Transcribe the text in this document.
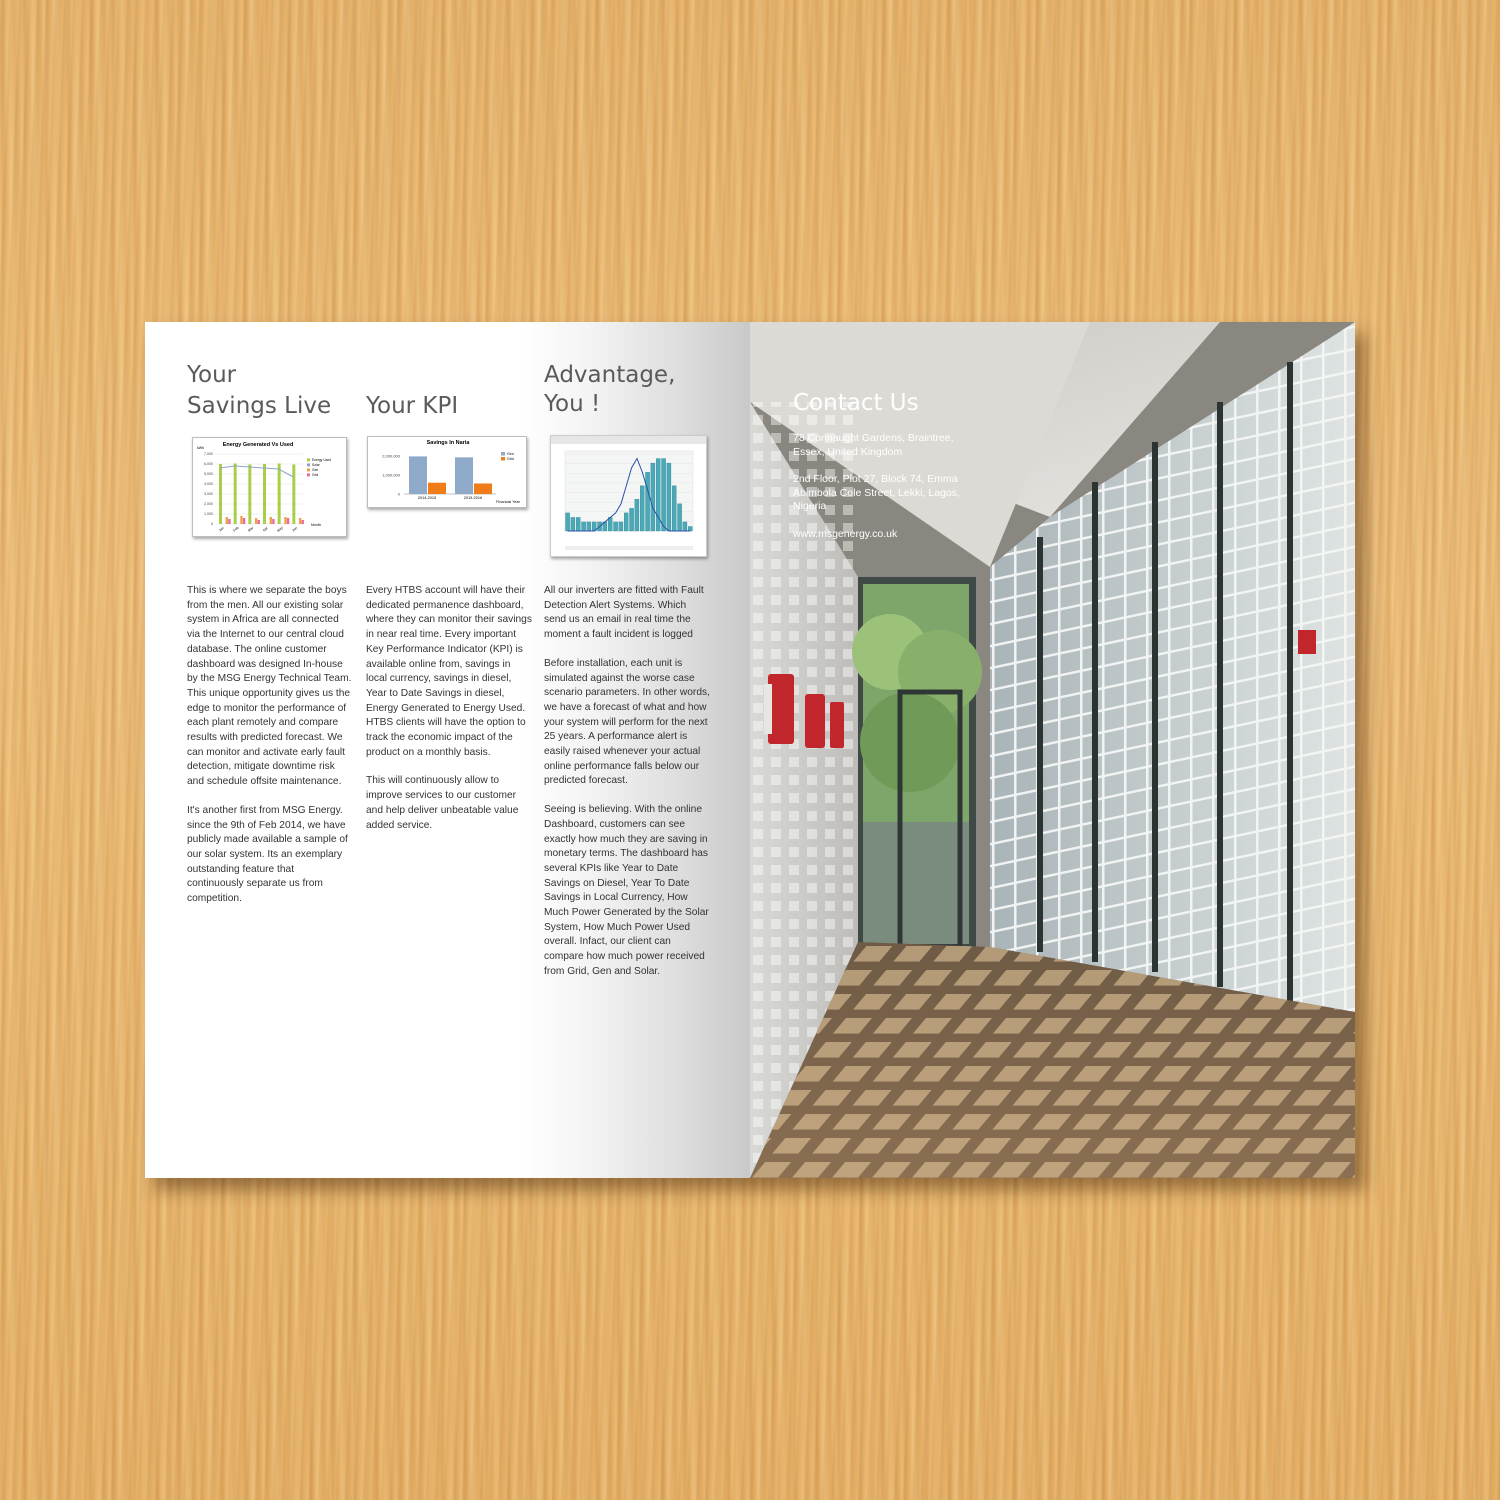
Your
Savings Live
Energy Generated Vs Used
kWh
0
1,000
2,000
3,000
4,000
5,000
6,000
7,000
Jan Feb Mar Apr May Jun
Month
Energy Used
Solar
Gen
Grid

This is where we separate the boys from the men. All our existing solar system in Africa are all connected via the Internet to our central cloud database. The online customer dashboard was designed In-house by the MSG Energy Technical Team. This unique opportunity gives us the edge to monitor the performance of each plant remotely and compare results with predicted forecast. We can monitor and activate early fault detection, mitigate downtime risk and schedule offsite maintenance.

It's another first from MSG Energy. since the 9th of Feb 2014, we have publicly made available a sample of our solar system. Its an exemplary outstanding feature that continuously separate us from competition.

Your KPI
Savings In Naria
0
1,000,000
2,000,000
2014-2015	2015-2016
Financial Year
Gen
Grid

Every HTBS account will have their dedicated permanence dashboard, where they can monitor their savings in near real time. Every important Key Performance Indicator (KPI) is available online from, savings in local currency, savings in diesel, Year to Date Savings in diesel, Energy Generated to Energy Used. HTBS clients will have the option to track the economic impact of the product on a monthly basis.

This will continuously allow to improve services to our customer and help deliver unbeatable value added service.

Advantage,
You !

All our inverters are fitted with Fault Detection Alert Systems. Which send us an email in real time the moment a fault incident is logged

Before installation, each unit is simulated against the worse case scenario parameters. In other words, we have a forecast of what and how your system will perform for the next 25 years. A performance alert is easily raised whenever your actual online performance falls below our predicted forecast.

Seeing is believing. With the online Dashboard, customers can see exactly how much they are saving in monetary terms. The dashboard has several KPIs like Year to Date Savings on Diesel, Year To Date Savings in Local Currency, How Much Power Generated by the Solar System, How Much Power Used overall. Infact, our client can compare how much power received from Grid, Gen and Solar.

Contact Us

78 Connaught Gardens, Braintree, Essex, United Kingdom

2nd Floor, Plot 27, Block 74, Emma Abimbola Cole Street, Lekki, Lagos, Nigeria

www.msgenergy.co.uk
